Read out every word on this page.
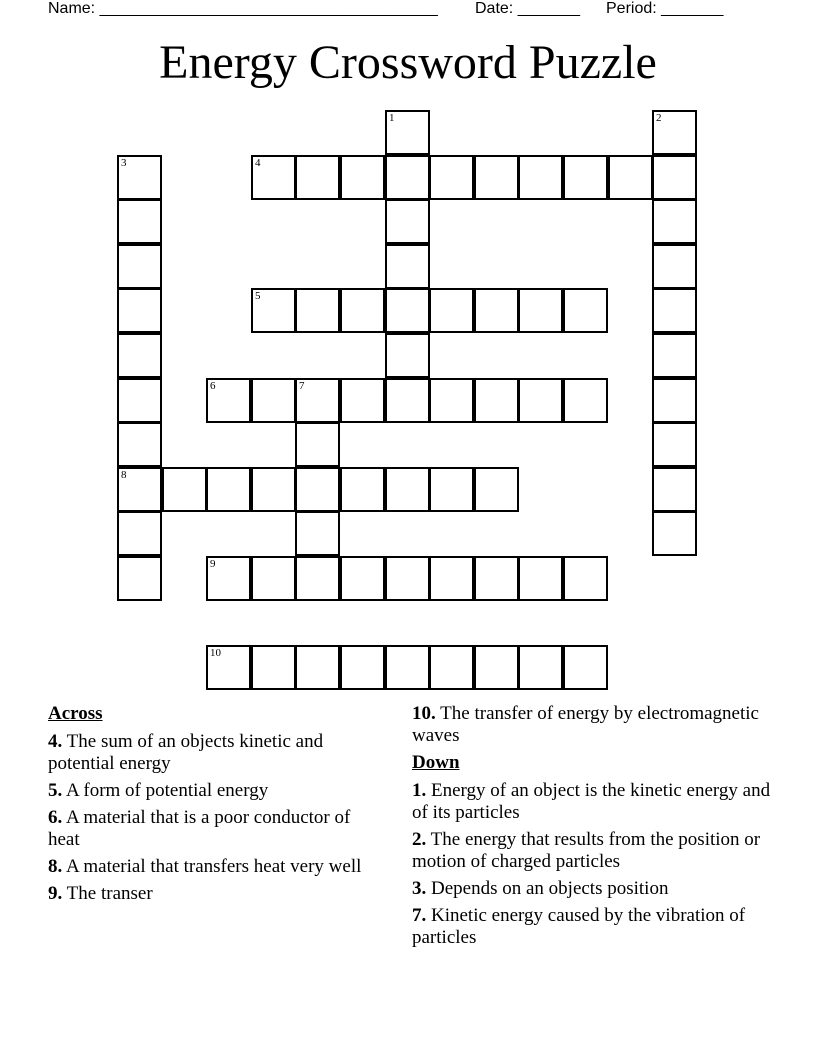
Name: ______________________________________ Date: _______ Period: _______
Energy Crossword Puzzle
1	2
3
8
4
5
6	7
9
10
Across
4. The sum of an objects kinetic and potential energy
5. A form of potential energy
6. A material that is a poor conductor of heat
8. A material that transfers heat very well
9. The transer
10. The transfer of energy by electromagnetic waves
Down
1. Energy of an object is the kinetic energy and of its particles
2. The energy that results from the position or motion of charged particles
3. Depends on an objects position
7. Kinetic energy caused by the vibration of particles
